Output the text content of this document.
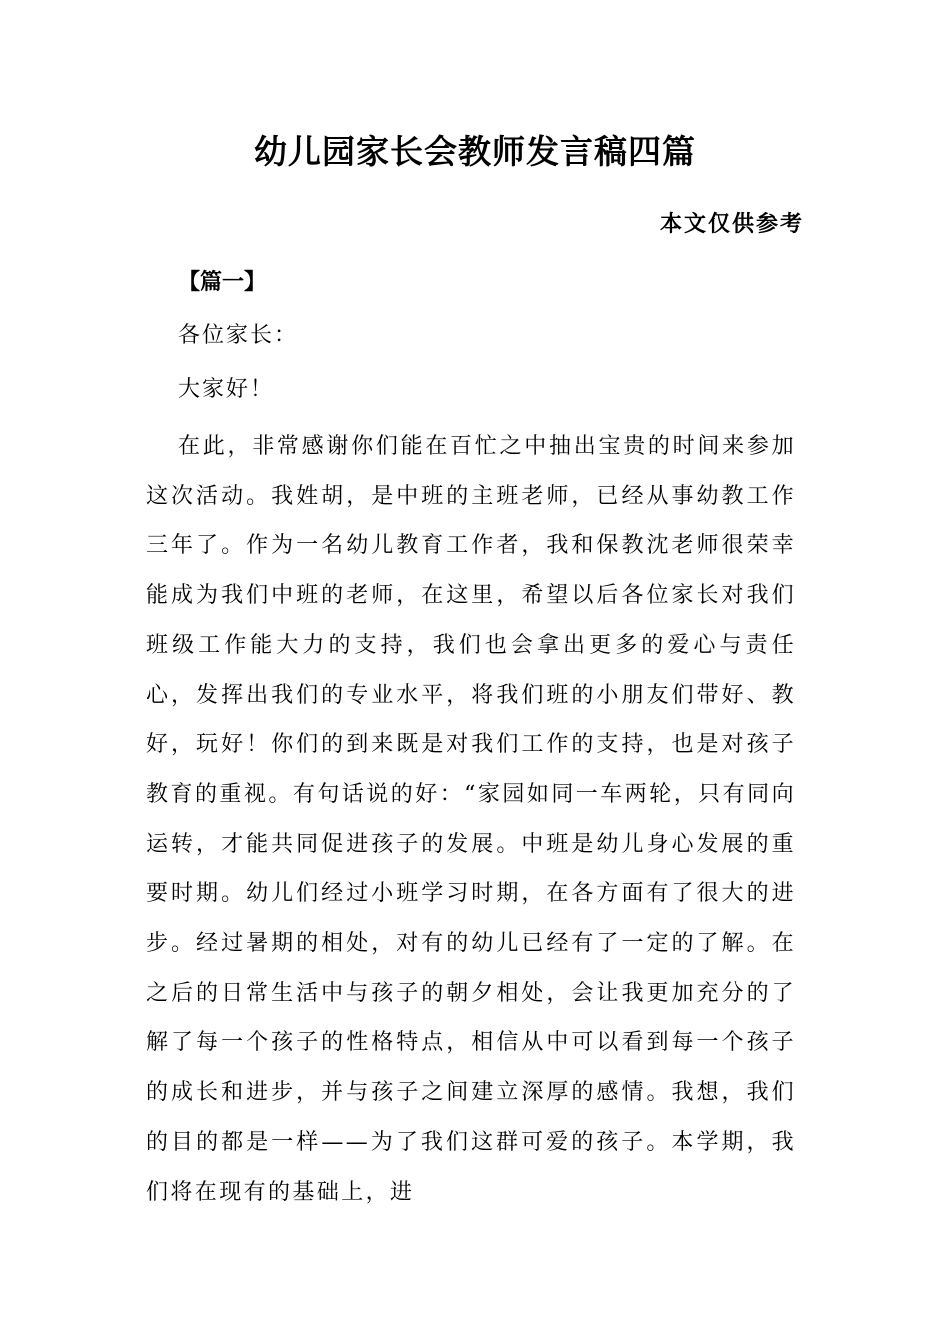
幼儿园家长会教师发言稿四篇
本文仅供参考
【篇一】
各位家长：
大家好！

在此，非常感谢你们能在百忙之中抽出宝贵的时间来参加这次活动。我姓胡，是中班的主班老师，已经从事幼教工作三年了。作为一名幼儿教育工作者，我和保教沈老师很荣幸能成为我们中班的老师，在这里，希望以后各位家长对我们班级工作能大力的支持，我们也会拿出更多的爱心与责任心，发挥出我们的专业水平，将我们班的小朋友们带好、教好，玩好！你们的到来既是对我们工作的支持，也是对孩子教育的重视。有句话说的好：“家园如同一车两轮，只有同向运转，才能共同促进孩子的发展。中班是幼儿身心发展的重要时期。幼儿们经过小班学习时期，在各方面有了很大的进步。经过暑期的相处，对有的幼儿已经有了一定的了解。在之后的日常生活中与孩子的朝夕相处，会让我更加充分的了解了每一个孩子的性格特点，相信从中可以看到每一个孩子的成长和进步，并与孩子之间建立深厚的感情。我想，我们的目的都是一样——为了我们这群可爱的孩子。本学期，我们将在现有的基础上，进
